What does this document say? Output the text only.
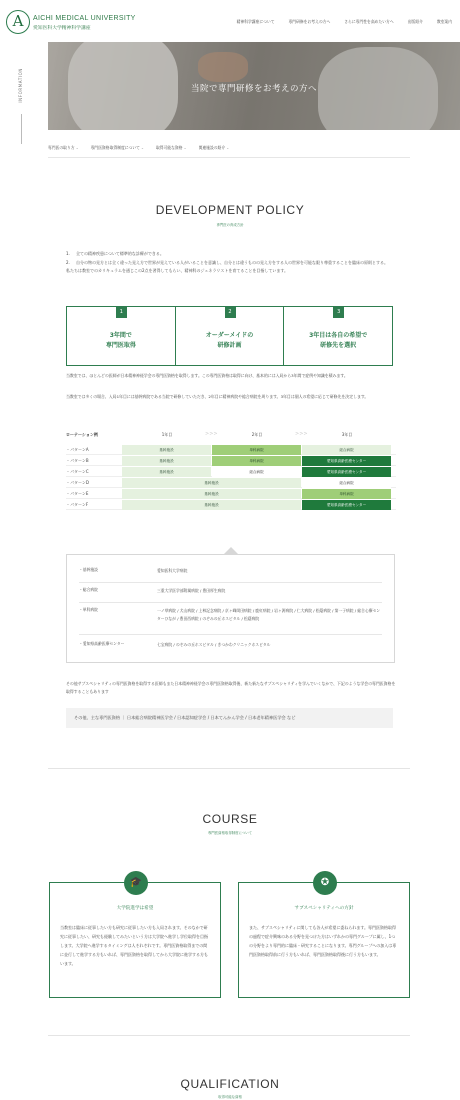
A	AICHI MEDICAL UNIVERSITY
愛知医科大学精神科学講座
精神科学講座について	専門研修をお考えの方へ	さらに専門性を高めたい方へ	出版紹介	教室案内
INFORMATION	当院で専門研修をお考えの方へ
専門医の取り方 ⌄	専門医資格取得制度について ⌄	取得可能な資格 ⌄	関連施設の紹介 ⌄
DEVELOPMENT POLICY
専門医の育成方針
1. 全ての精神疾患について標準的な診療ができる。
2. 自分の物の見方とは全く違った見え方で世界が見えている人がいることを意識し、自分とは違うものの見え方をする人の世界を可能な限り尊重することを臨床の原則とする。
私たちは教室でのカリキュラムを通じこの2点を習得してもらい、精神科のジェネラリストを育てることを目指しています。
1
3年間で
専門医取得
2
オーダーメイドの
研修計画
3
3年目は各自の希望で
研修先を選択
当教室では、ほとんどの医師が日本精神神経学会の専門医資格を取得します。この専門医資格は取得に向け、基本的には入局から3年間で症例や知識を積みます。
当教室では多くの場合、入局1年目には基幹病院である当院で研修していただき、2年目に精神病院や総合病院を周ります。3年目は個人の希望に応じて研修先を決定します。
ローテーション例	1年目	>>>	2年目	>>>	3年目
・パターンA	基幹施設	単科病院	総合病院
・パターンB	基幹施設	単科病院	愛知県高齢医療センター
・パターンC	基幹施設	総合病院	愛知県高齢医療センター
・パターンD	基幹施設	総合病院
・パターンE	基幹施設	単科病院
・パターンF	基幹施設	愛知県高齢医療センター
・基幹施設	愛知医科大学病院
・総合病院	三重大学医学部附属病院 / 豊田厚生病院
・単科病院	一ノ草病院 / 犬山病院 / 上林記念病院 / 京ヶ峰岡田病院 / 鹿紅病院 / 岩ヶ源病院 / 仁大病院 / 松蔭病院 / 第一子病院 / 総合心療センターひなが / 豊田西病院 / のぞみの丘ホスピタル / 松蔭病院
・愛知県高齢医療センター	七宝病院 / のぞみの丘ホスピタル / きつかわクリニックホスピタル
その他サブスペシャリティの専門医資格を取得する医師もまた日本精神神経学会の専門医資格取得後、新た新たなサブスペシャリティを学んでいくなかで、下記のような学会の専門医資格を取得することもあります
その他、主な専門医資格 ｜ 日本総合病院精神医学会 / 日本認知症学会 / 日本てんかん学会 / 日本老年精神医学会 など
COURSE
専門医資格取得制度について
🎓
大学院進学は希望
当教室は臨床に従事したい方も研究に従事したい方も入局されます。そのなかで研究に従事したい、研究も経験してみたいという方は大学院へ進学し学位取得を目指します。大学院へ進学するタイミングは人それぞれです。専門医資格取得までの間に並行して進学する方もいれば、専門医資格を取得してから大学院に進学する方もいます。
✪
サブスペシャリティへの方針
また、サブスペシャリティに関しても各人が希望に委ねられます。専門医資格取得の過程で症介興味のある分野を見つけた方はいずれかの専門グループに属し、1つの分野をより専門的に臨床・研究することになります。専門グループへの加入は専門医資格取得前に行う方もいれば、専門医資格取得後に行う方もいます。
QUALIFICATION
取得可能な資格
